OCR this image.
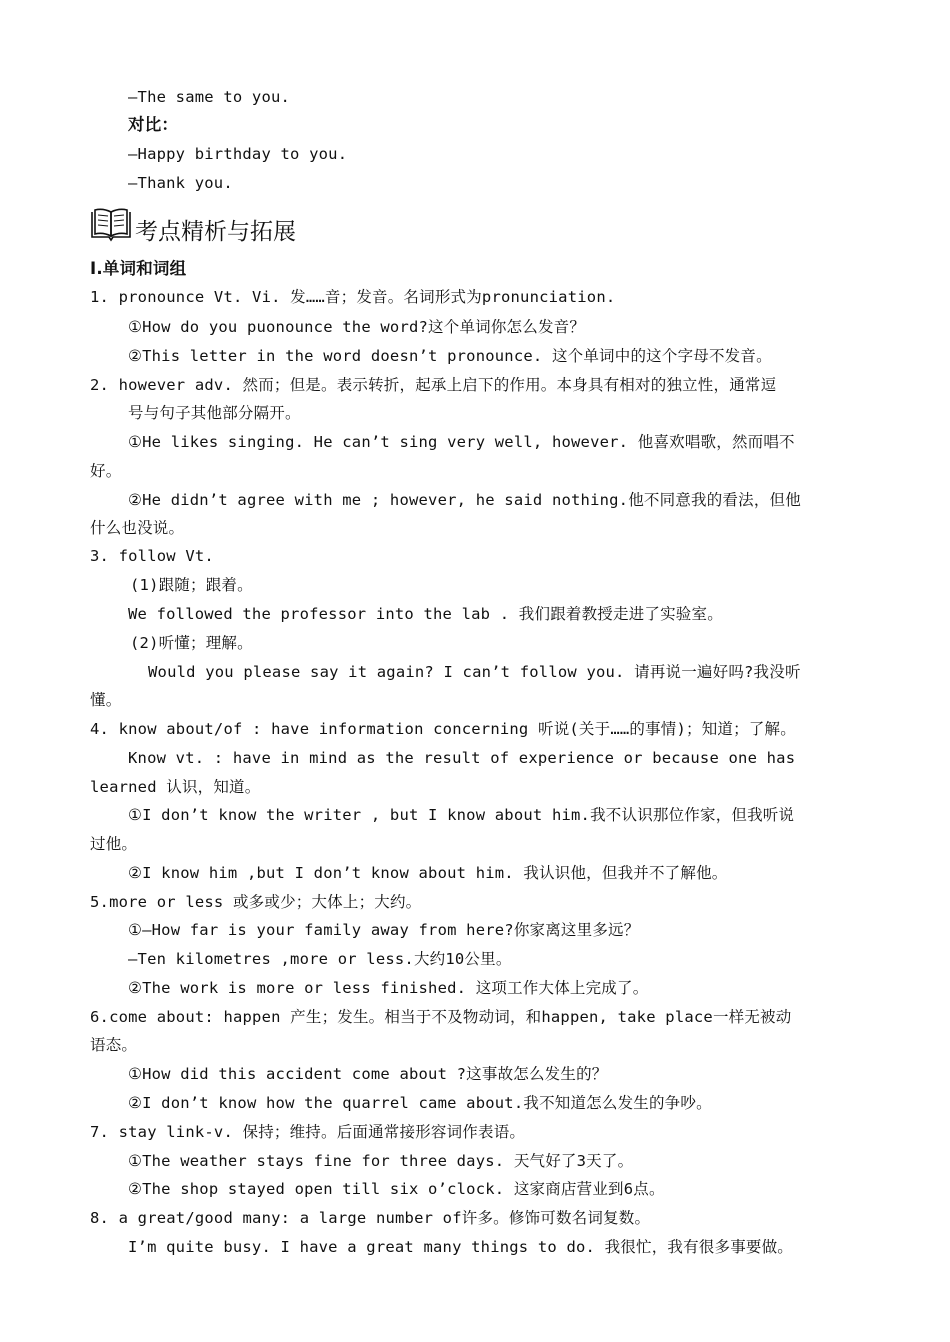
—The same to you.
对比：
—Happy birthday to you.
—Thank you.
考点精析与拓展
I.单词和词组
1. pronounce Vt. Vi. 发……音；发音。名词形式为pronunciation.
①How do you puonounce the word?这个单词你怎么发音？
②This letter in the word doesn’t pronounce. 这个单词中的这个字母不发音。
2. however adv. 然而；但是。表示转折，起承上启下的作用。本身具有相对的独立性，通常逗
号与句子其他部分隔开。
①He likes singing. He can’t sing very well, however. 他喜欢唱歌，然而唱不
好。
②He didn’t agree with me ; however, he said nothing.他不同意我的看法，但他
什么也没说。
3. follow Vt.
(1)跟随；跟着。
We followed the professor into the lab . 我们跟着教授走进了实验室。
(2)听懂；理解。
Would you please say it again? I can’t follow you. 请再说一遍好吗?我没听
懂。
4. know about/of : have information concerning 听说(关于……的事情)；知道；了解。
Know vt. : have in mind as the result of experience or because one has
learned 认识，知道。
①I don’t know the writer , but I know about him.我不认识那位作家，但我听说
过他。
②I know him ,but I don’t know about him. 我认识他，但我并不了解他。
5.more or less 或多或少；大体上；大约。
①—How far is your family away from here?你家离这里多远？
—Ten kilometres ,more or less.大约10公里。
②The work is more or less finished. 这项工作大体上完成了。
6.come about: happen 产生；发生。相当于不及物动词，和happen, take place一样无被动
语态。
①How did this accident come about ?这事故怎么发生的？
②I don’t know how the quarrel came about.我不知道怎么发生的争吵。
7. stay link-v. 保持；维持。后面通常接形容词作表语。
①The weather stays fine for three days. 天气好了3天了。
②The shop stayed open till six o’clock. 这家商店营业到6点。
8. a great/good many: a large number of许多。修饰可数名词复数。
I’m quite busy. I have a great many things to do. 我很忙，我有很多事要做。
